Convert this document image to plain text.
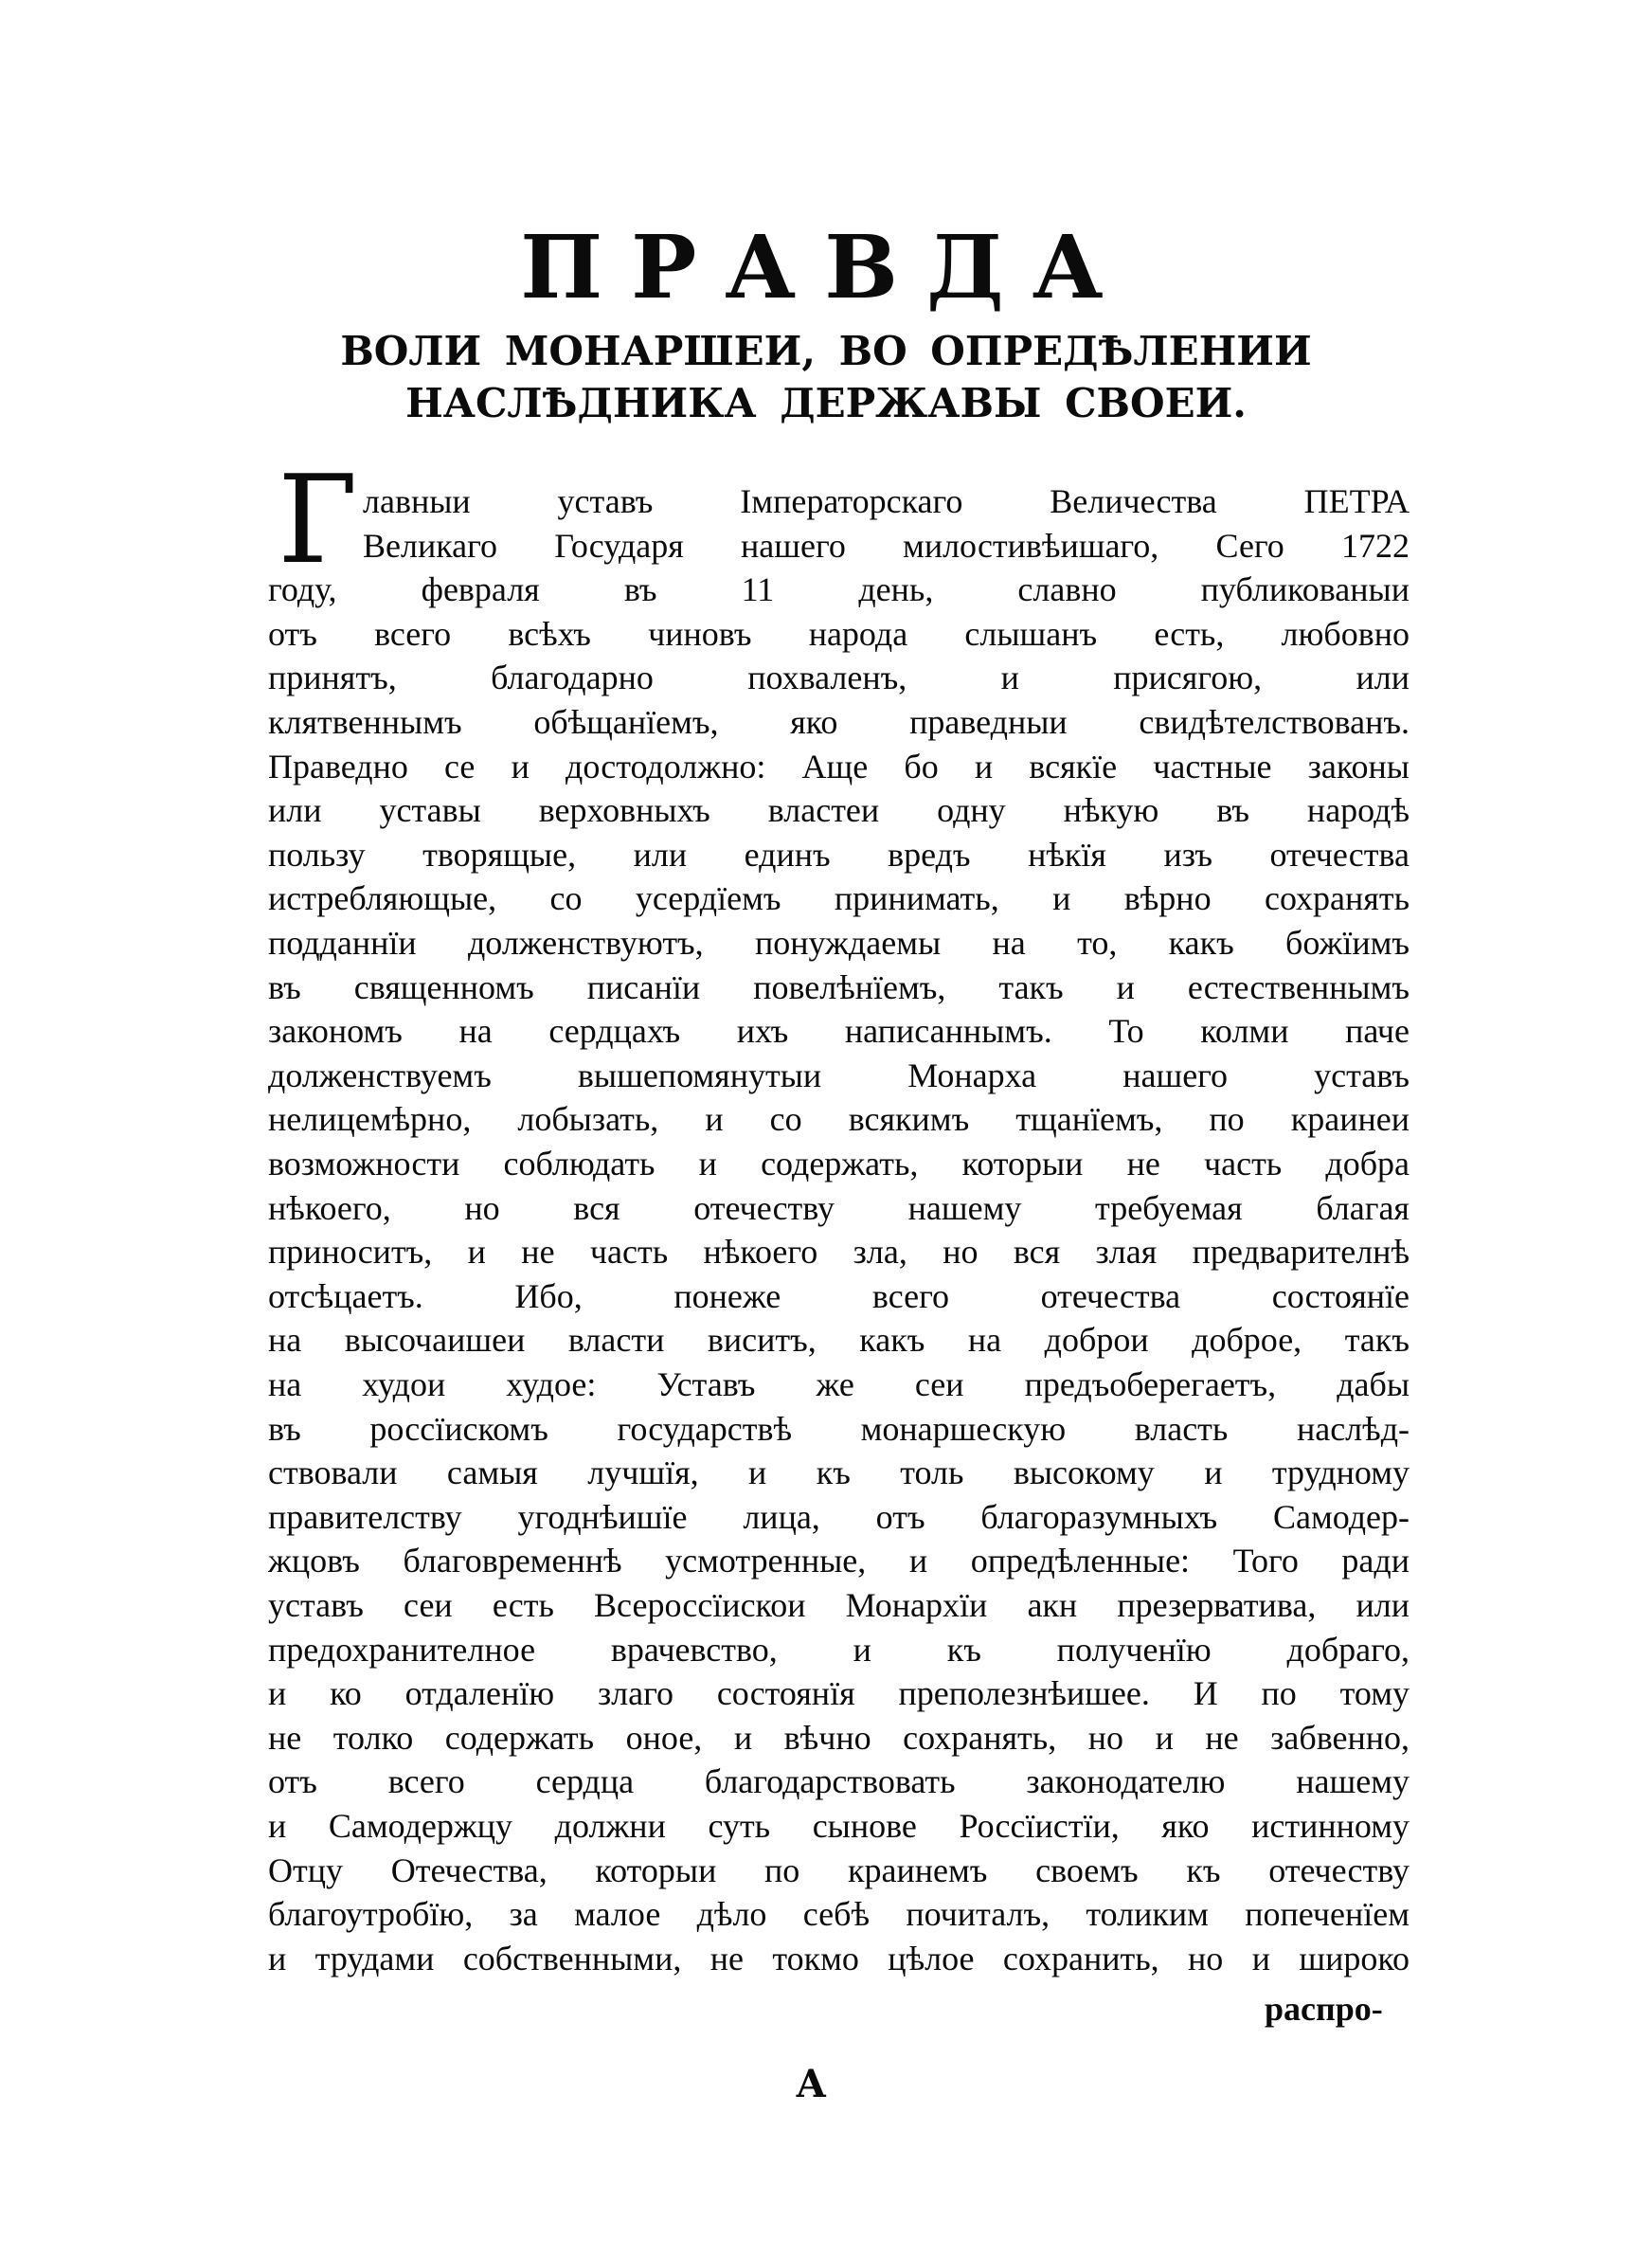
ПРАВДА
ВОЛИ МОНАРШЕИ, ВО ОПРЕДѢЛЕНИИ
НАСЛѢДНИКА ДЕРЖАВЫ СВОЕИ.
Г лавныи уставъ Імператорскаго Величества ПЕТРА
Великаго Государя нашего милостивѣишаго, Сего 1722
году, февраля въ 11 день, славно публикованыи
отъ всего всѣхъ чиновъ народа слышанъ есть, любовно
принятъ, благодарно похваленъ, и присягою, или
клятвеннымъ обѣщанїемъ, яко праведныи свидѣтелствованъ.
Праведно се и достодолжно: Аще бо и всякїе частные законы
или уставы верховныхъ властеи одну нѣкую въ народѣ
пользу творящые, или единъ вредъ нѣкїя изъ отечества
истребляющые, со усердїемъ принимать, и вѣрно сохранять
подданнїи долженствуютъ, понуждаемы на то, какъ божїимъ
въ священномъ писанїи повелѣнїемъ, такъ и естественнымъ
закономъ на сердцахъ ихъ написаннымъ. То колми паче
долженствуемъ вышепомянутыи Монарха нашего уставъ
нелицемѣрно, лобызать, и со всякимъ тщанїемъ, по краинеи
возможности соблюдать и содержать, которыи не часть добра
нѣкоего, но вся отечеству нашему требуемая благая
приноситъ, и не часть нѣкоего зла, но вся злая предварителнѣ
отсѣцаетъ. Ибо, понеже всего отечества состоянїе
на высочаишеи власти виситъ, какъ на доброи доброе, такъ
на худои худое: Уставъ же сеи предъоберегаетъ, дабы
въ россїискомъ государствѣ монаршескую власть наслѣд-
ствовали самыя лучшїя, и къ толь высокому и трудному
правителству угоднѣишїе лица, отъ благоразумныхъ Самодер-
жцовъ благовременнѣ усмотренные, и опредѣленные: Того ради
уставъ сеи есть Всероссїискои Монархїи акн презерватива, или
предохранителное врачевство, и къ полученїю добраго,
и ко отдаленїю злаго состоянїя преполезнѣишее. И по тому
не толко содержать оное, и вѣчно сохранять, но и не забвенно,
отъ всего сердца благодарствовать законодателю нашему
и Самодержцу должни суть сынове Россїистїи, яко истинному
Отцу Отечества, которыи по краинемъ своемъ къ отечеству
благоутробїю, за малое дѣло себѣ почиталъ, толиким попеченїем
и трудами собственными, не токмо цѣлое сохранить, но и широко
распро-
А
